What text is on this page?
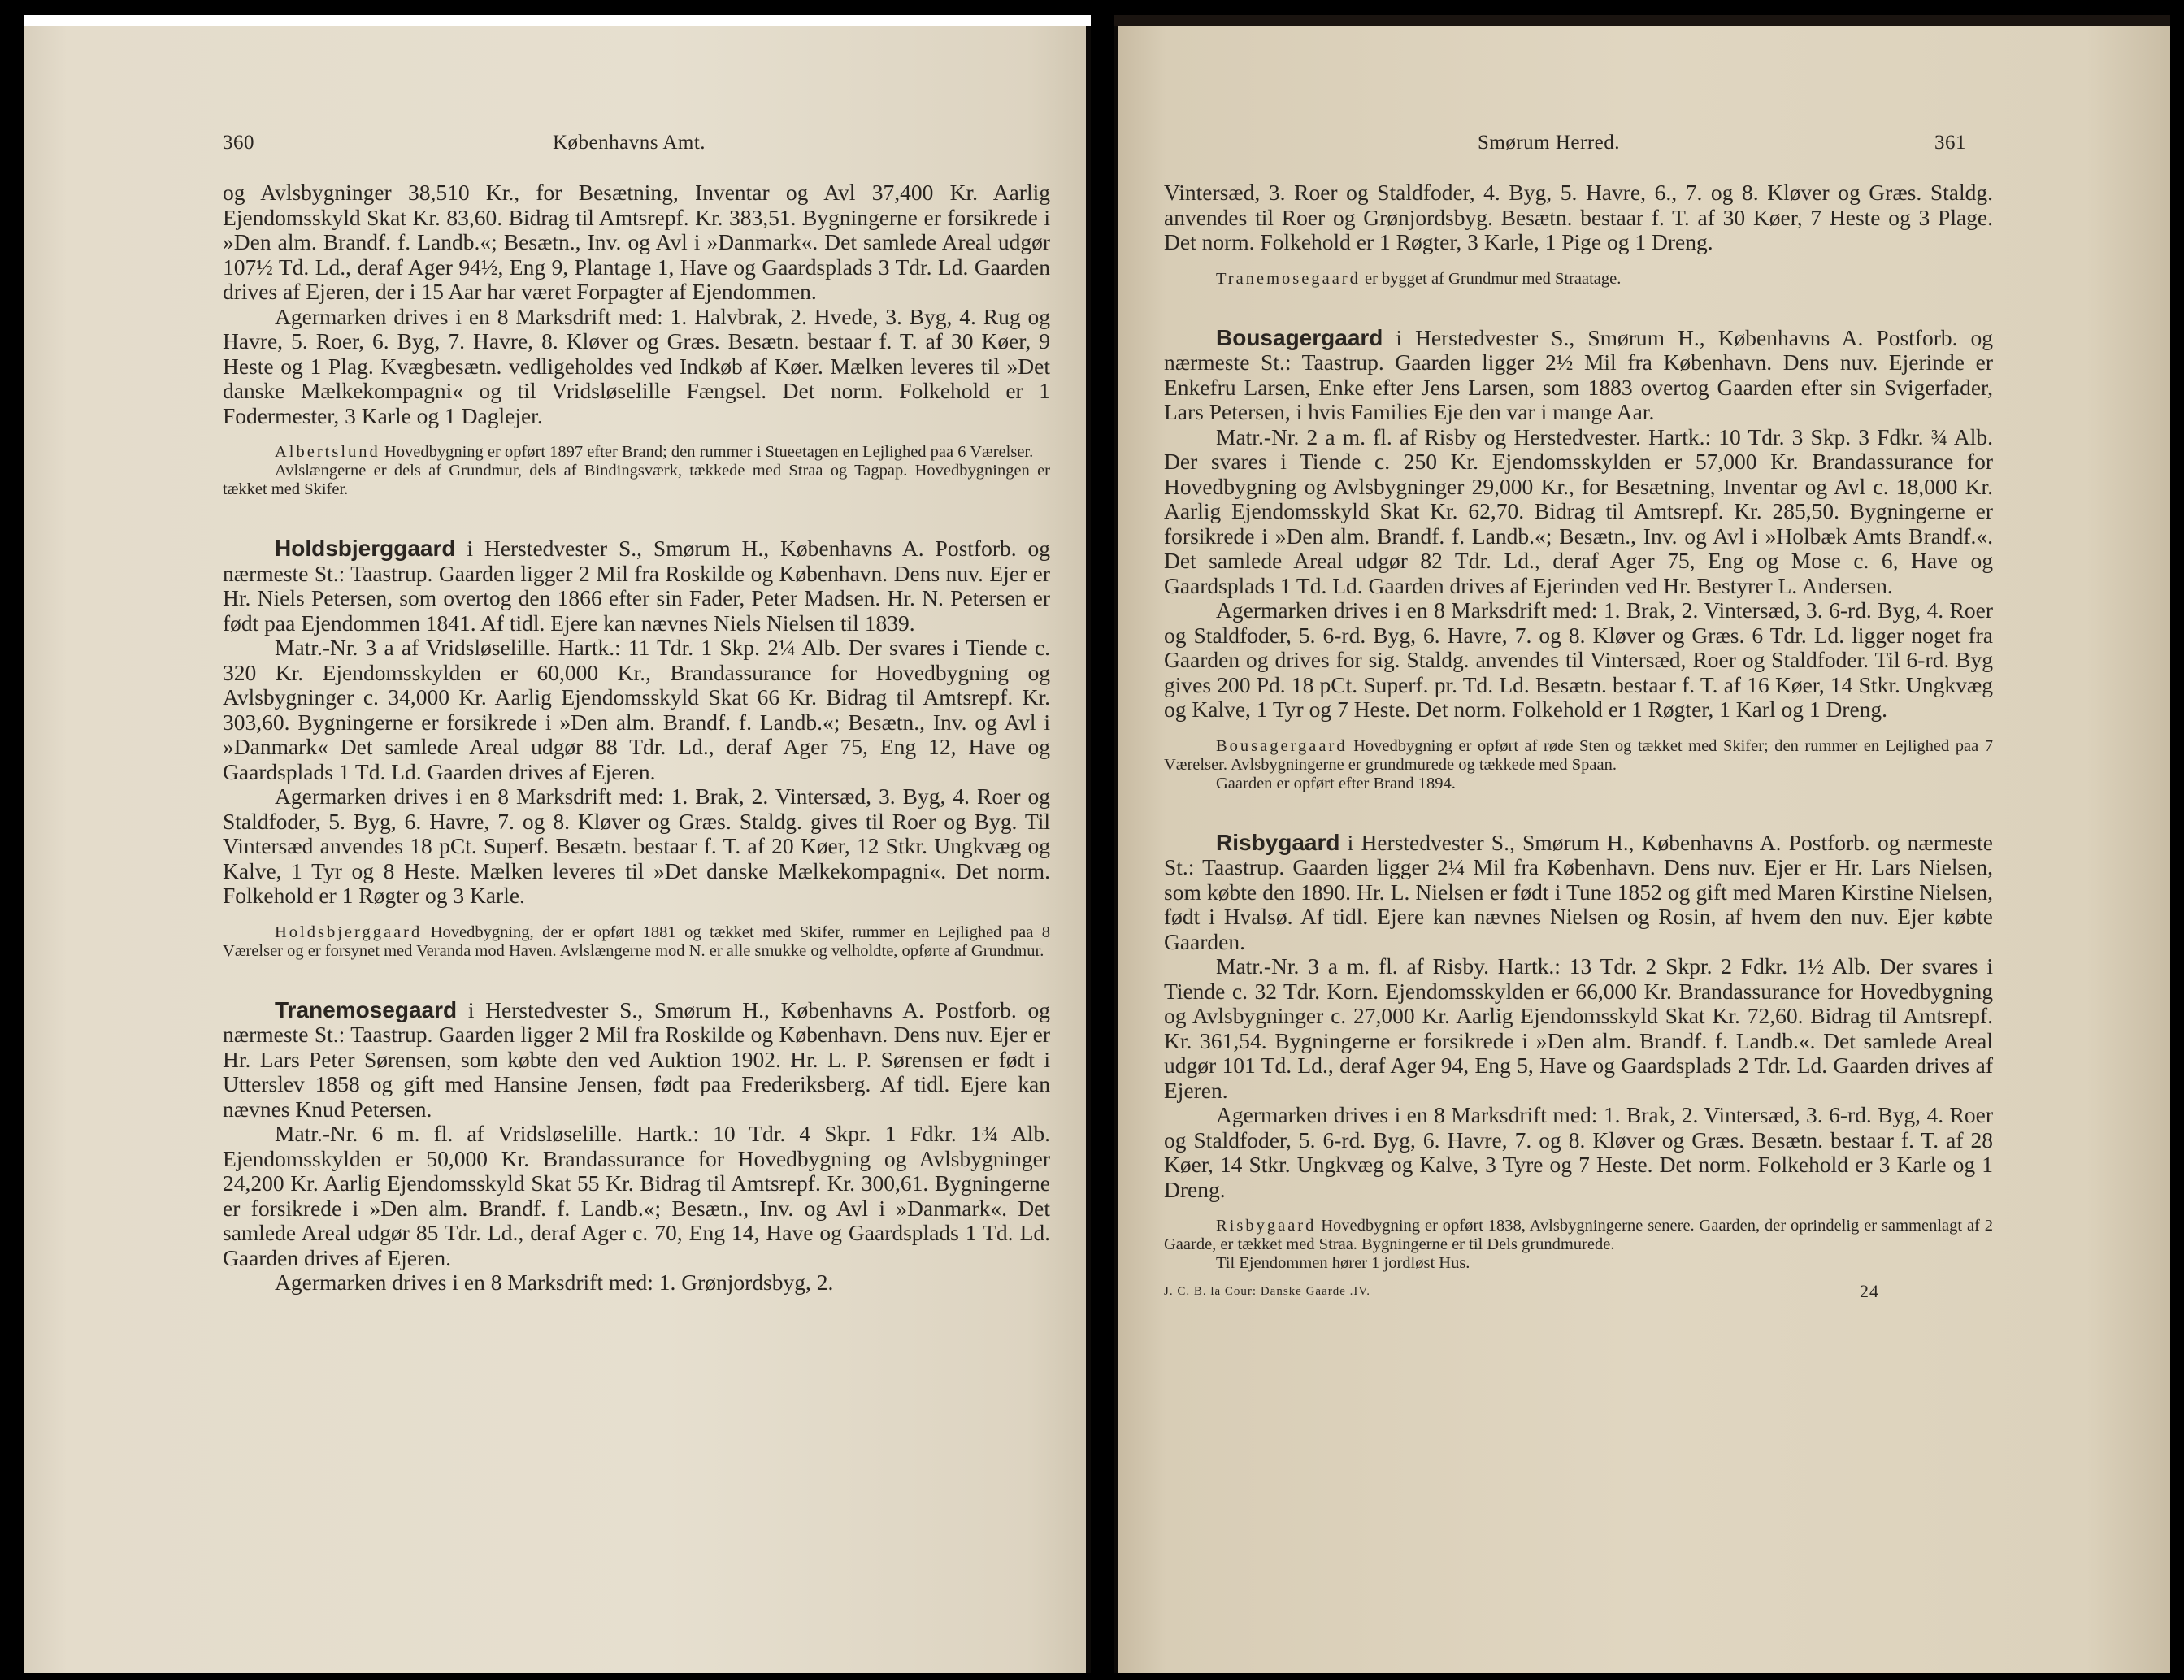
360	Københavns Amt.

og Avlsbygninger 38,510 Kr., for Besætning, Inventar og Avl 37,400 Kr. Aarlig Ejendomsskyld Skat Kr. 83,60. Bidrag til Amtsrepf. Kr. 383,51. Bygningerne er forsikrede i »Den alm. Brandf. f. Landb.«; Besætn., Inv. og Avl i »Danmark«. Det samlede Areal udgør 107½ Td. Ld., deraf Ager 94½, Eng 9, Plantage 1, Have og Gaardsplads 3 Tdr. Ld. Gaarden drives af Ejeren, der i 15 Aar har været Forpagter af Ejendommen.

Agermarken drives i en 8 Marksdrift med: 1. Halvbrak, 2. Hvede, 3. Byg, 4. Rug og Havre, 5. Roer, 6. Byg, 7. Havre, 8. Kløver og Græs. Besætn. bestaar f. T. af 30 Køer, 9 Heste og 1 Plag. Kvægbesætn. vedligeholdes ved Indkøb af Køer. Mælken leveres til »Det danske Mælkekompagni« og til Vridsløselille Fængsel. Det norm. Folkehold er 1 Fodermester, 3 Karle og 1 Daglejer.

Albertslund Hovedbygning er opført 1897 efter Brand; den rummer i Stueetagen en Lejlighed paa 6 Værelser.

Avlslængerne er dels af Grundmur, dels af Bindingsværk, tækkede med Straa og Tagpap. Hovedbygningen er tækket med Skifer.

Holdsbjerggaard i Herstedvester S., Smørum H., Københavns A. Postforb. og nærmeste St.: Taastrup. Gaarden ligger 2 Mil fra Roskilde og København. Dens nuv. Ejer er Hr. Niels Petersen, som overtog den 1866 efter sin Fader, Peter Madsen. Hr. N. Petersen er født paa Ejendommen 1841. Af tidl. Ejere kan nævnes Niels Nielsen til 1839.

Matr.-Nr. 3 a af Vridsløselille. Hartk.: 11 Tdr. 1 Skp. 2¼ Alb. Der svares i Tiende c. 320 Kr. Ejendomsskylden er 60,000 Kr., Brandassurance for Hovedbygning og Avlsbygninger c. 34,000 Kr. Aarlig Ejendomsskyld Skat 66 Kr. Bidrag til Amtsrepf. Kr. 303,60. Bygningerne er forsikrede i »Den alm. Brandf. f. Landb.«; Besætn., Inv. og Avl i »Danmark« Det samlede Areal udgør 88 Tdr. Ld., deraf Ager 75, Eng 12, Have og Gaardsplads 1 Td. Ld. Gaarden drives af Ejeren.

Agermarken drives i en 8 Marksdrift med: 1. Brak, 2. Vintersæd, 3. Byg, 4. Roer og Staldfoder, 5. Byg, 6. Havre, 7. og 8. Kløver og Græs. Staldg. gives til Roer og Byg. Til Vintersæd anvendes 18 pCt. Superf. Besætn. bestaar f. T. af 20 Køer, 12 Stkr. Ungkvæg og Kalve, 1 Tyr og 8 Heste. Mælken leveres til »Det danske Mælkekompagni«. Det norm. Folkehold er 1 Røgter og 3 Karle.

Holdsbjerggaard Hovedbygning, der er opført 1881 og tækket med Skifer, rummer en Lejlighed paa 8 Værelser og er forsynet med Veranda mod Haven. Avlslængerne mod N. er alle smukke og velholdte, opførte af Grundmur.

Tranemosegaard i Herstedvester S., Smørum H., Københavns A. Postforb. og nærmeste St.: Taastrup. Gaarden ligger 2 Mil fra Roskilde og København. Dens nuv. Ejer er Hr. Lars Peter Sørensen, som købte den ved Auktion 1902. Hr. L. P. Sørensen er født i Utterslev 1858 og gift med Hansine Jensen, født paa Frederiksberg. Af tidl. Ejere kan nævnes Knud Petersen.

Matr.-Nr. 6 m. fl. af Vridsløselille. Hartk.: 10 Tdr. 4 Skpr. 1 Fdkr. 1¾ Alb. Ejendomsskylden er 50,000 Kr. Brandassurance for Hovedbygning og Avlsbygninger 24,200 Kr. Aarlig Ejendomsskyld Skat 55 Kr. Bidrag til Amtsrepf. Kr. 300,61. Bygningerne er forsikrede i »Den alm. Brandf. f. Landb.«; Besætn., Inv. og Avl i »Danmark«. Det samlede Areal udgør 85 Tdr. Ld., deraf Ager c. 70, Eng 14, Have og Gaardsplads 1 Td. Ld. Gaarden drives af Ejeren.

Agermarken drives i en 8 Marksdrift med: 1. Grønjordsbyg, 2.

Smørum Herred.	361

Vintersæd, 3. Roer og Staldfoder, 4. Byg, 5. Havre, 6., 7. og 8. Kløver og Græs. Staldg. anvendes til Roer og Grønjordsbyg. Besætn. bestaar f. T. af 30 Køer, 7 Heste og 3 Plage. Det norm. Folkehold er 1 Røgter, 3 Karle, 1 Pige og 1 Dreng.

Tranemosegaard er bygget af Grundmur med Straatage.

Bousagergaard i Herstedvester S., Smørum H., Københavns A. Postforb. og nærmeste St.: Taastrup. Gaarden ligger 2½ Mil fra København. Dens nuv. Ejerinde er Enkefru Larsen, Enke efter Jens Larsen, som 1883 overtog Gaarden efter sin Svigerfader, Lars Petersen, i hvis Families Eje den var i mange Aar.

Matr.-Nr. 2 a m. fl. af Risby og Herstedvester. Hartk.: 10 Tdr. 3 Skp. 3 Fdkr. ¾ Alb. Der svares i Tiende c. 250 Kr. Ejendomsskylden er 57,000 Kr. Brandassurance for Hovedbygning og Avlsbygninger 29,000 Kr., for Besætning, Inventar og Avl c. 18,000 Kr. Aarlig Ejendomsskyld Skat Kr. 62,70. Bidrag til Amtsrepf. Kr. 285,50. Bygningerne er forsikrede i »Den alm. Brandf. f. Landb.«; Besætn., Inv. og Avl i »Holbæk Amts Brandf.«. Det samlede Areal udgør 82 Tdr. Ld., deraf Ager 75, Eng og Mose c. 6, Have og Gaardsplads 1 Td. Ld. Gaarden drives af Ejerinden ved Hr. Bestyrer L. Andersen.

Agermarken drives i en 8 Marksdrift med: 1. Brak, 2. Vintersæd, 3. 6-rd. Byg, 4. Roer og Staldfoder, 5. 6-rd. Byg, 6. Havre, 7. og 8. Kløver og Græs. 6 Tdr. Ld. ligger noget fra Gaarden og drives for sig. Staldg. anvendes til Vintersæd, Roer og Staldfoder. Til 6-rd. Byg gives 200 Pd. 18 pCt. Superf. pr. Td. Ld. Besætn. bestaar f. T. af 16 Køer, 14 Stkr. Ungkvæg og Kalve, 1 Tyr og 7 Heste. Det norm. Folkehold er 1 Røgter, 1 Karl og 1 Dreng.

Bousagergaard Hovedbygning er opført af røde Sten og tækket med Skifer; den rummer en Lejlighed paa 7 Værelser. Avlsbygningerne er grundmurede og tækkede med Spaan.

Gaarden er opført efter Brand 1894.

Risbygaard i Herstedvester S., Smørum H., Københavns A. Postforb. og nærmeste St.: Taastrup. Gaarden ligger 2¼ Mil fra København. Dens nuv. Ejer er Hr. Lars Nielsen, som købte den 1890. Hr. L. Nielsen er født i Tune 1852 og gift med Maren Kirstine Nielsen, født i Hvalsø. Af tidl. Ejere kan nævnes Nielsen og Rosin, af hvem den nuv. Ejer købte Gaarden.

Matr.-Nr. 3 a m. fl. af Risby. Hartk.: 13 Tdr. 2 Skpr. 2 Fdkr. 1½ Alb. Der svares i Tiende c. 32 Tdr. Korn. Ejendomsskylden er 66,000 Kr. Brandassurance for Hovedbygning og Avlsbygninger c. 27,000 Kr. Aarlig Ejendomsskyld Skat Kr. 72,60. Bidrag til Amtsrepf. Kr. 361,54. Bygningerne er forsikrede i »Den alm. Brandf. f. Landb.«. Det samlede Areal udgør 101 Td. Ld., deraf Ager 94, Eng 5, Have og Gaardsplads 2 Tdr. Ld. Gaarden drives af Ejeren.

Agermarken drives i en 8 Marksdrift med: 1. Brak, 2. Vintersæd, 3. 6-rd. Byg, 4. Roer og Staldfoder, 5. 6-rd. Byg, 6. Havre, 7. og 8. Kløver og Græs. Besætn. bestaar f. T. af 28 Køer, 14 Stkr. Ungkvæg og Kalve, 3 Tyre og 7 Heste. Det norm. Folkehold er 3 Karle og 1 Dreng.

Risbygaard Hovedbygning er opført 1838, Avlsbygningerne senere. Gaarden, der oprindelig er sammenlagt af 2 Gaarde, er tækket med Straa. Bygningerne er til Dels grundmurede.

Til Ejendommen hører 1 jordløst Hus.

J. C. B. la Cour: Danske Gaarde .IV.	24
